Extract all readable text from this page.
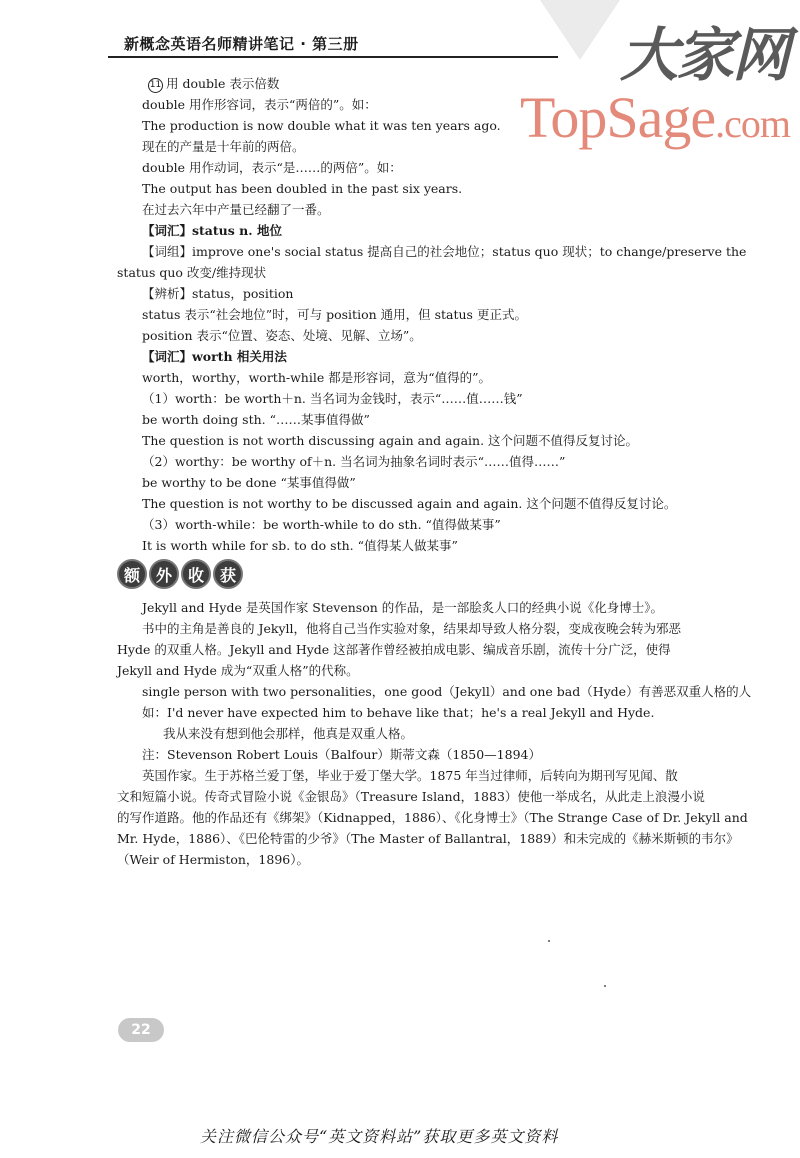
大家网
TopSage.com
新概念英语名师精讲笔记 · 第三册
11 用 double 表示倍数
double 用作形容词，表示“两倍的”。如：
The production is now double what it was ten years ago.
现在的产量是十年前的两倍。
double 用作动词，表示“是……的两倍”。如：
The output has been doubled in the past six years.
在过去六年中产量已经翻了一番。
【词汇】status n. 地位
【词组】improve one's social status 提高自己的社会地位；status quo 现状；to change/preserve the
status quo 改变/维持现状
【辨析】status，position
status 表示“社会地位”时，可与 position 通用，但 status 更正式。
position 表示“位置、姿态、处境、见解、立场”。
【词汇】worth 相关用法
worth，worthy，worth-while 都是形容词，意为“值得的”。
（1）worth：be worth＋n. 当名词为金钱时，表示“……值……钱”
be worth doing sth. “……某事值得做”
The question is not worth discussing again and again. 这个问题不值得反复讨论。
（2）worthy：be worthy of＋n. 当名词为抽象名词时表示“……值得……”
be worthy to be done “某事值得做”
The question is not worthy to be discussed again and again. 这个问题不值得反复讨论。
（3）worth-while：be worth-while to do sth. “值得做某事”
It is worth while for sb. to do sth. “值得某人做某事”
Jekyll and Hyde 是英国作家 Stevenson 的作品，是一部脍炙人口的经典小说《化身博士》。
书中的主角是善良的 Jekyll，他将自己当作实验对象，结果却导致人格分裂，变成夜晚会转为邪恶
Hyde 的双重人格。Jekyll and Hyde 这部著作曾经被拍成电影、编成音乐剧，流传十分广泛，使得
Jekyll and Hyde 成为“双重人格”的代称。
single person with two personalities，one good（Jekyll）and one bad（Hyde）有善恶双重人格的人
如：I'd never have expected him to behave like that；he's a real Jekyll and Hyde.
我从来没有想到他会那样，他真是双重人格。
注：Stevenson Robert Louis（Balfour）斯蒂文森（1850—1894）
英国作家。生于苏格兰爱丁堡，毕业于爱丁堡大学。1875 年当过律师，后转向为期刊写见闻、散
文和短篇小说。传奇式冒险小说《金银岛》（Treasure Island，1883）使他一举成名，从此走上浪漫小说
的写作道路。他的作品还有《绑架》（Kidnapped，1886）、《化身博士》（The Strange Case of Dr. Jekyll and
Mr. Hyde，1886）、《巴伦特雷的少爷》（The Master of Ballantral，1889）和未完成的《赫米斯顿的韦尔》
（Weir of Hermiston，1896）。
额 外 收 获
22
关注微信公众号“英文资料站”获取更多英文资料
